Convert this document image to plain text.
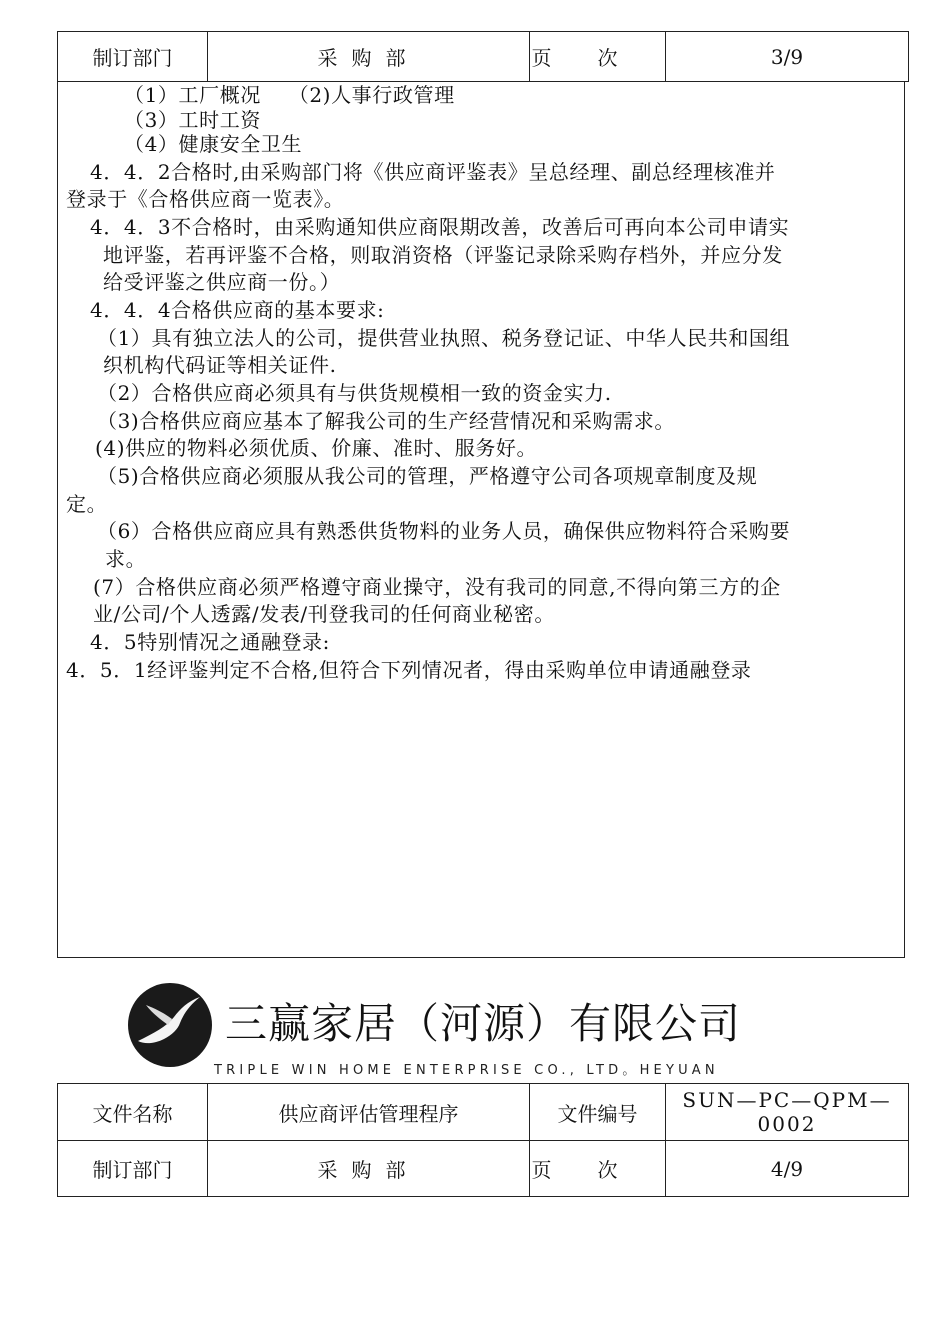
制订部门	采购部	页次	3/9
（1）工厂概况    （2)人事行政管理
（3）工时工资
（4）健康安全卫生
4．4．2合格时,由采购部门将《供应商评鉴表》呈总经理、副总经理核准并
登录于《合格供应商一览表》。
4．4．3不合格时，由采购通知供应商限期改善，改善后可再向本公司申请实
地评鉴，若再评鉴不合格，则取消资格（评鉴记录除采购存档外，并应分发
给受评鉴之供应商一份。）
4．4．4合格供应商的基本要求:
（1）具有独立法人的公司，提供营业执照、税务登记证、中华人民共和国组
织机构代码证等相关证件.
（2）合格供应商必须具有与供货规模相一致的资金实力.
（3)合格供应商应基本了解我公司的生产经营情况和采购需求。
(4)供应的物料必须优质、价廉、准时、服务好。
（5)合格供应商必须服从我公司的管理，严格遵守公司各项规章制度及规
定。
（6）合格供应商应具有熟悉供货物料的业务人员，确保供应物料符合采购要
求。
(7）合格供应商必须严格遵守商业操守，没有我司的同意,不得向第三方的企
业/公司/个人透露/发表/刊登我司的任何商业秘密。
4．5特别情况之通融登录:
4．5．1经评鉴判定不合格,但符合下列情况者，得由采购单位申请通融登录
三赢家居（河源）有限公司
TRIPLE WIN HOME ENTERPRISE CO., LTD。HEYUAN
文件名称	供应商评估管理程序	文件编号	SUN—PC—QPM—0002
制订部门	采购部	页次	4/9
